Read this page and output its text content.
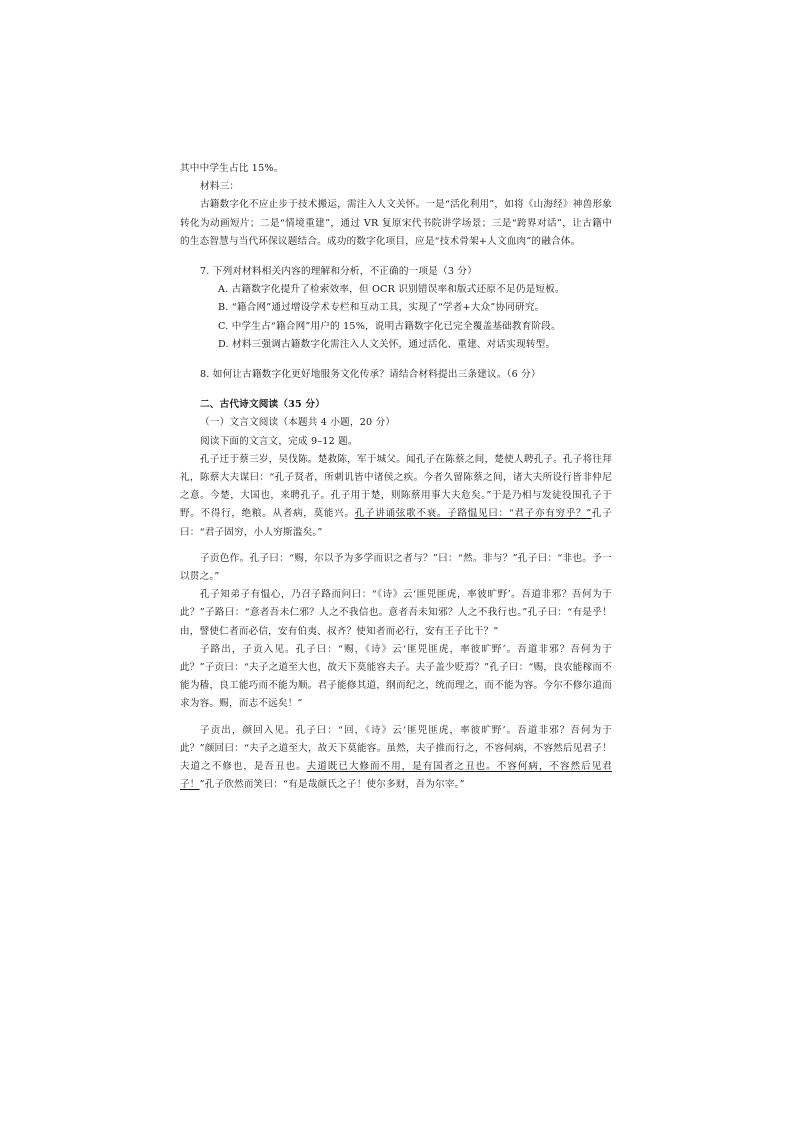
其中中学生占比 15%。

材料三：

古籍数字化不应止步于技术搬运，需注入人文关怀。一是“活化利用”，如将《山海经》神兽形象转化为动画短片；二是“情境重建”，通过 VR 复原宋代书院讲学场景；三是“跨界对话”，让古籍中的生态智慧与当代环保议题结合。成功的数字化项目，应是“技术骨架+人文血肉”的融合体。

7. 下列对材料相关内容的理解和分析，不正确的一项是（3 分）

A. 古籍数字化提升了检索效率，但 OCR 识别错误率和版式还原不足仍是短板。

B. “籍合网”通过增设学术专栏和互动工具，实现了“学者+大众”协同研究。

C. 中学生占“籍合网”用户的 15%，说明古籍数字化已完全覆盖基础教育阶段。

D. 材料三强调古籍数字化需注入人文关怀，通过活化、重建、对话实现转型。

8. 如何让古籍数字化更好地服务文化传承？请结合材料提出三条建议。（6 分）

二、古代诗文阅读（35 分）

（一）文言文阅读（本题共 4 小题，20 分）

阅读下面的文言文，完成 9–12 题。

孔子迁于蔡三岁，吴伐陈。楚救陈，军于城父。闻孔子在陈蔡之间，楚使人聘孔子。孔子将往拜礼，陈蔡大夫谋曰：“孔子贤者，所刺讥皆中诸侯之疾。今者久留陈蔡之间，诸大夫所设行皆非仲尼之意。今楚，大国也，来聘孔子。孔子用于楚，则陈蔡用事大夫危矣。”于是乃相与发徒役围孔子于野。不得行，绝粮。从者病，莫能兴。孔子讲诵弦歌不衰。子路愠见曰：“君子亦有穷乎？”孔子曰：“君子固穷，小人穷斯滥矣。”

子贡色作。孔子曰：“赐，尔以予为多学而识之者与？”曰：“然。非与？”孔子曰：“非也。予一以贯之。”

孔子知弟子有愠心，乃召子路而问曰：“《诗》云‘匪兕匪虎，率彼旷野’。吾道非邪？吾何为于此？”子路曰：“意者吾未仁邪？人之不我信也。意者吾未知邪？人之不我行也。”孔子曰：“有是乎！由，譬使仁者而必信，安有伯夷、叔齐？使知者而必行，安有王子比干？”

子路出，子贡入见。孔子曰：“赐，《诗》云‘匪兕匪虎，率彼旷野’。吾道非邪？吾何为于此？”子贡曰：“夫子之道至大也，故天下莫能容夫子。夫子盖少贬焉？”孔子曰：“赐，良农能稼而不能为穑，良工能巧而不能为顺。君子能修其道，纲而纪之，统而理之，而不能为容。今尔不修尔道而求为容。赐，而志不远矣！”

子贡出，颜回入见。孔子曰：“回，《诗》云‘匪兕匪虎，率彼旷野’。吾道非邪？吾何为于此？”颜回曰：“夫子之道至大，故天下莫能容。虽然，夫子推而行之，不容何病，不容然后见君子！夫道之不修也，是吾丑也。夫道既已大修而不用，是有国者之丑也。不容何病，不容然后见君子！”孔子欣然而笑曰：“有是哉颜氏之子！使尔多财，吾为尔宰。”
